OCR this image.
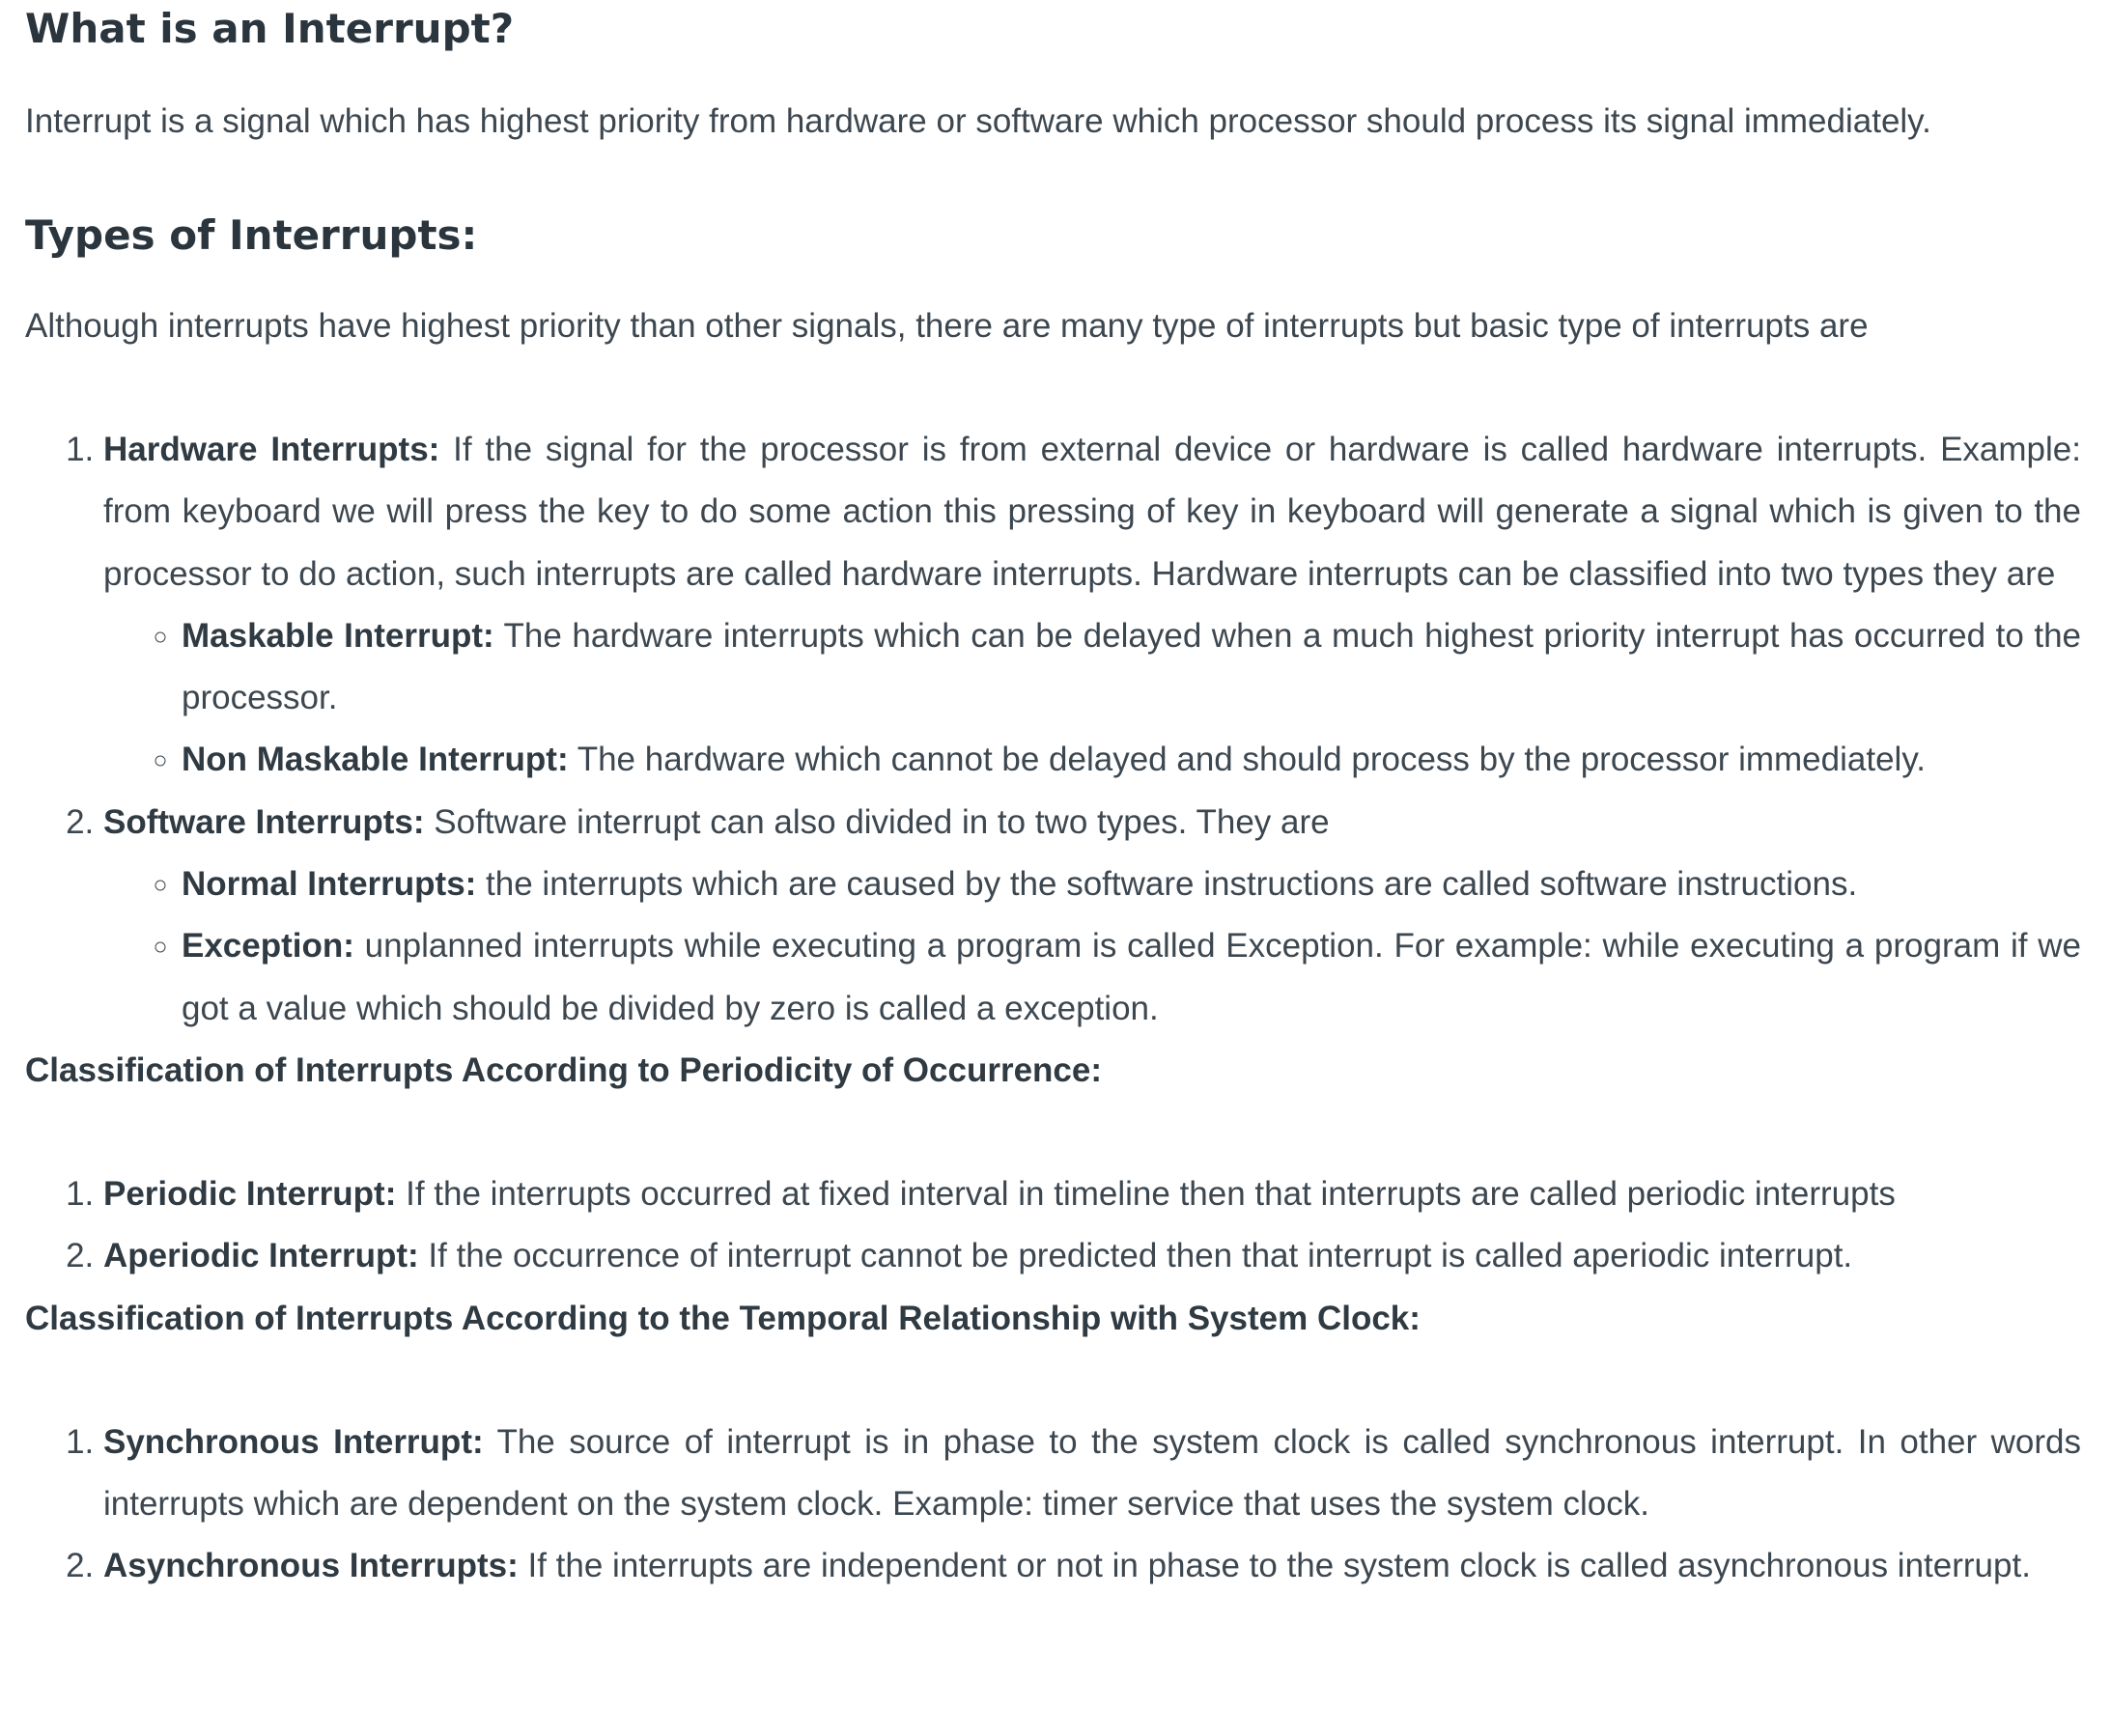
What is an Interrupt?

Interrupt is a signal which has highest priority from hardware or software which processor should process its signal immediately.

Types of Interrupts:

Although interrupts have highest priority than other signals, there are many type of interrupts but basic type of interrupts are

1. Hardware Interrupts: If the signal for the processor is from external device or hardware is called hardware interrupts. Example: from keyboard we will press the key to do some action this pressing of key in keyboard will generate a signal which is given to the processor to do action, such interrupts are called hardware interrupts. Hardware interrupts can be classified into two types they are
◦ Maskable Interrupt: The hardware interrupts which can be delayed when a much highest priority interrupt has occurred to the processor.
◦ Non Maskable Interrupt: The hardware which cannot be delayed and should process by the processor immediately.
2. Software Interrupts: Software interrupt can also divided in to two types. They are
◦ Normal Interrupts: the interrupts which are caused by the software instructions are called software instructions.
◦ Exception: unplanned interrupts while executing a program is called Exception. For example: while executing a program if we got a value which should be divided by zero is called a exception.

Classification of Interrupts According to Periodicity of Occurrence:

1. Periodic Interrupt: If the interrupts occurred at fixed interval in timeline then that interrupts are called periodic interrupts
2. Aperiodic Interrupt: If the occurrence of interrupt cannot be predicted then that interrupt is called aperiodic interrupt.

Classification of Interrupts According to the Temporal Relationship with System Clock:

1. Synchronous Interrupt: The source of interrupt is in phase to the system clock is called synchronous interrupt. In other words interrupts which are dependent on the system clock. Example: timer service that uses the system clock.
2. Asynchronous Interrupts: If the interrupts are independent or not in phase to the system clock is called asynchronous interrupt.
